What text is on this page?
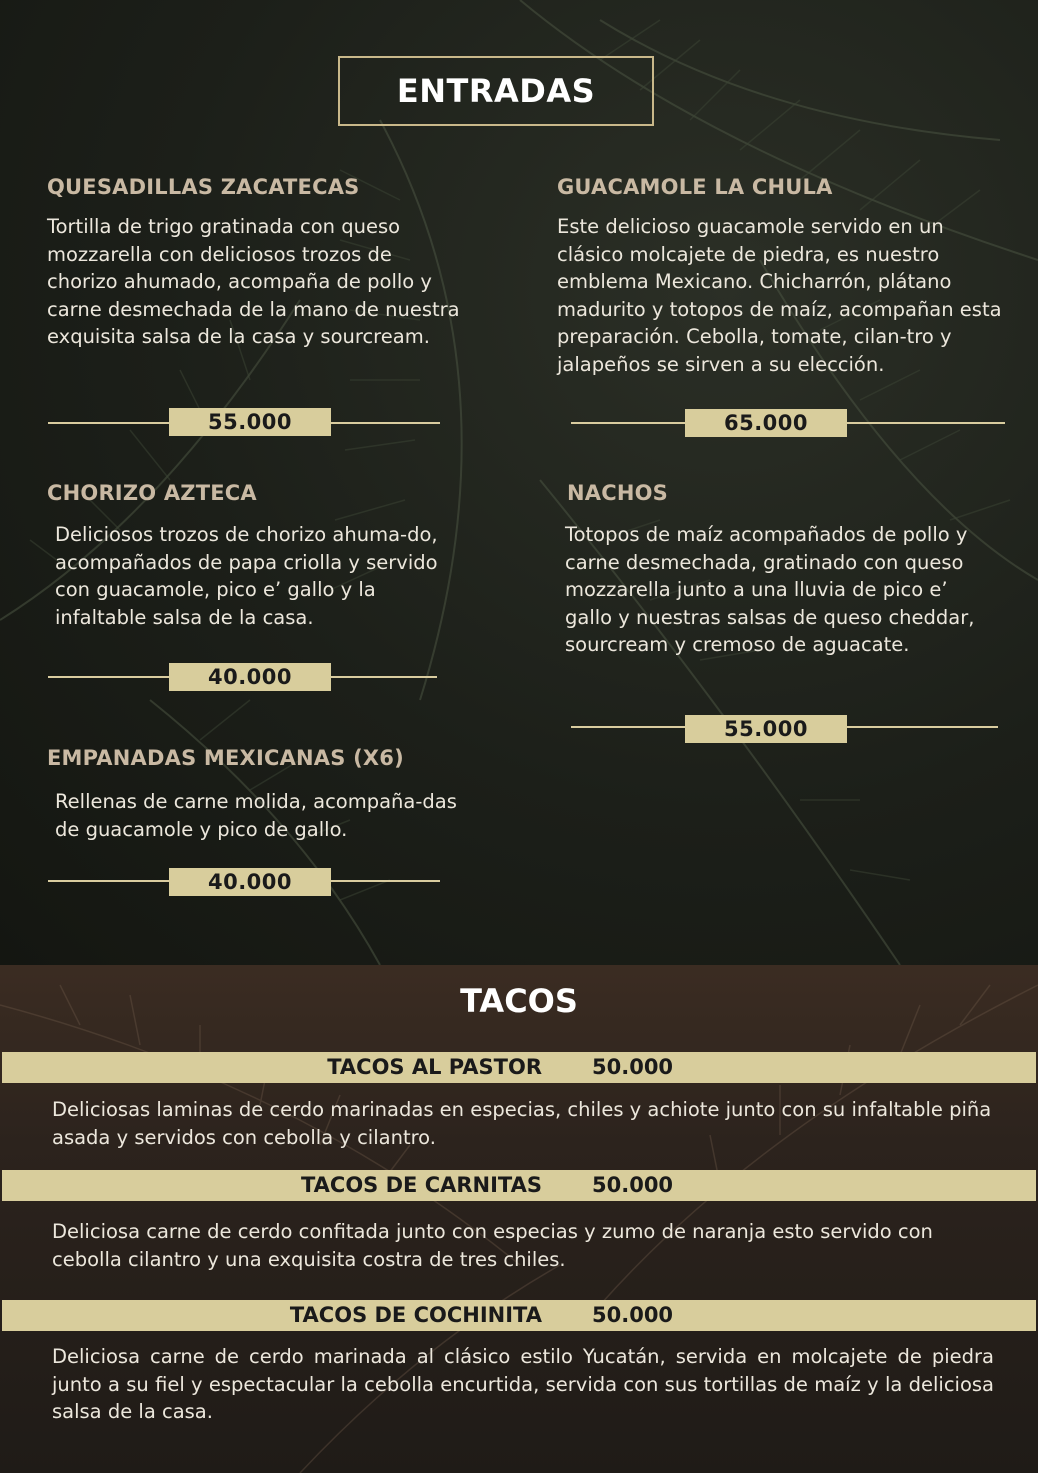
ENTRADAS
QUESADILLAS ZACATECAS
Tortilla de trigo gratinada con queso mozzarella con deliciosos trozos de chorizo ahumado, acompaña de pollo y carne desmechada de la mano de nuestra exquisita salsa de la casa y sourcream.
55.000
GUACAMOLE LA CHULA
Este delicioso guacamole servido en un clásico molcajete de piedra, es nuestro emblema Mexicano. Chicharrón, plátano madurito y totopos de maíz, acompañan esta preparación. Cebolla, tomate, cilan-tro y jalapeños se sirven a su elección.
65.000
CHORIZO AZTECA
Deliciosos trozos de chorizo ahuma-do, acompañados de papa criolla y servido con guacamole, pico e’ gallo y la infaltable salsa de la casa.
40.000
NACHOS
Totopos de maíz acompañados de pollo y carne desmechada, gratinado con queso mozzarella junto a una lluvia de pico e’ gallo y nuestras salsas de queso cheddar, sourcream y cremoso de aguacate.
55.000
EMPANADAS MEXICANAS (X6)
Rellenas de carne molida, acompaña-das de guacamole y pico de gallo.
40.000
TACOS
TACOS AL PASTOR 50.000
Deliciosas laminas de cerdo marinadas en especias, chiles y achiote junto con su infaltable piña asada y servidos con cebolla y cilantro.
TACOS DE CARNITAS 50.000
Deliciosa carne de cerdo confitada junto con especias y zumo de naranja esto servido con cebolla cilantro y una exquisita costra de tres chiles.
TACOS DE COCHINITA 50.000
Deliciosa carne de cerdo marinada al clásico estilo Yucatán, servida en molcajete de piedra junto a su fiel y espectacular la cebolla encurtida, servida con sus tortillas de maíz y la deliciosa salsa de la casa.
